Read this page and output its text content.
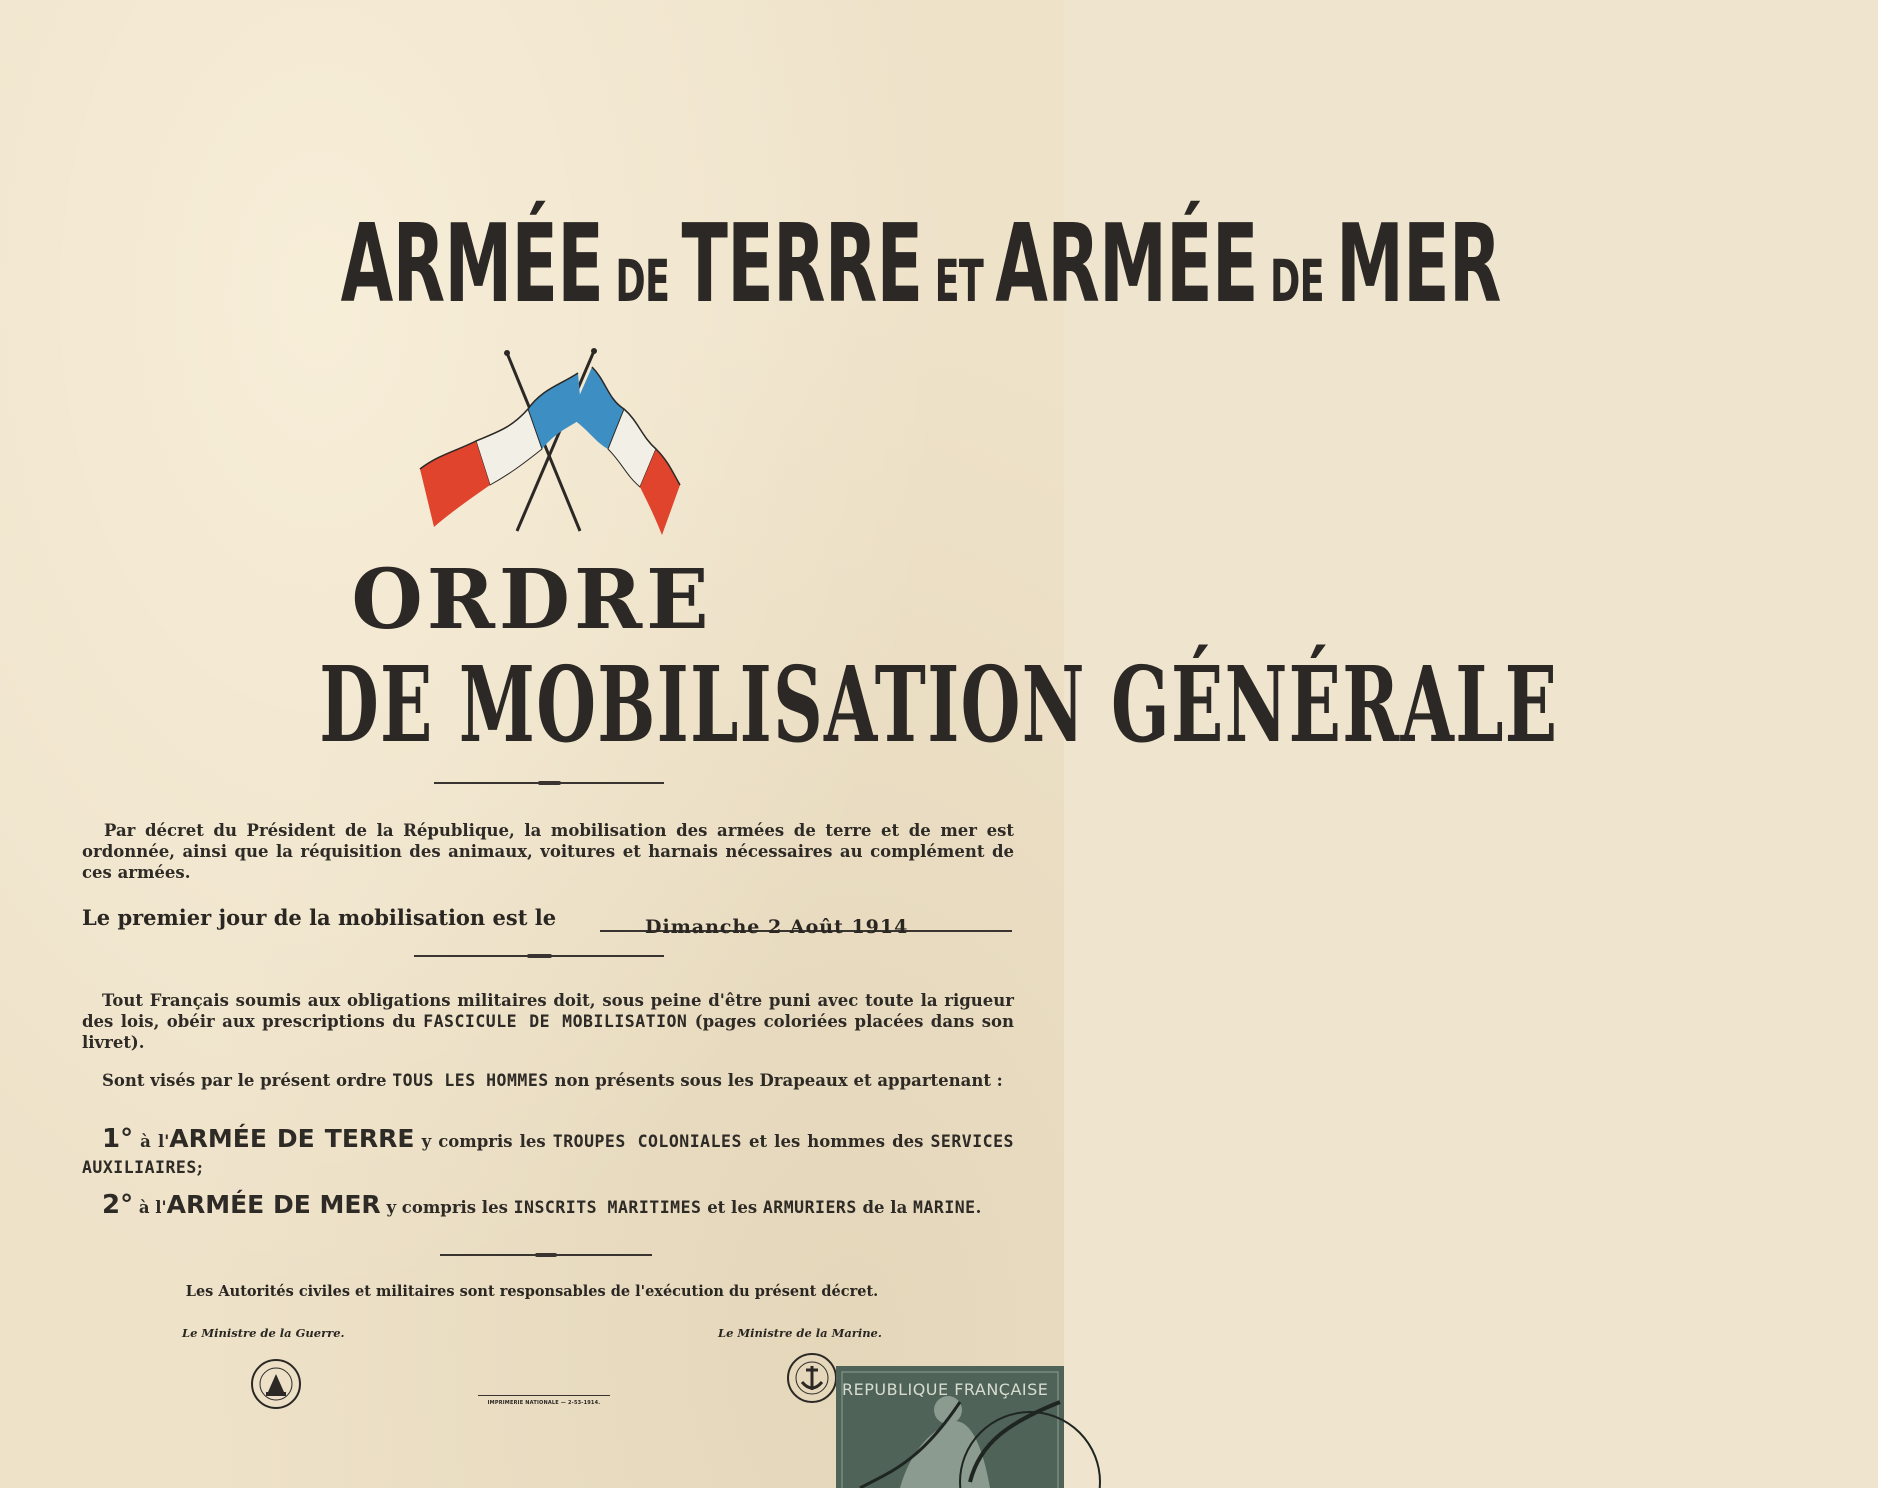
ARMÉE DE TERRE ET ARMÉE DE MER
ORDRE
DE MOBILISATION GÉNÉRALE
Par décret du Président de la République, la mobilisation des armées de terre et de mer est ordonnée, ainsi que la réquisition des animaux, voitures et harnais nécessaires au complément de ces armées.
Le premier jour de la mobilisation est le	Dimanche 2 Août 1914
Tout Français soumis aux obligations militaires doit, sous peine d'être puni avec toute la rigueur des lois, obéir aux prescriptions du FASCICULE DE MOBILISATION (pages coloriées placées dans son livret).
Sont visés par le présent ordre TOUS LES HOMMES non présents sous les Drapeaux et appartenant :
1° à l'ARMÉE DE TERRE y compris les TROUPES COLONIALES et les hommes des SERVICES AUXILIAIRES;
2° à l'ARMÉE DE MER y compris les INSCRITS MARITIMES et les ARMURIERS de la MARINE.
Les Autorités civiles et militaires sont responsables de l'exécution du présent décret.
Le Ministre de la Guerre.	Le Ministre de la Marine.
IMPRIMERIE NATIONALE — 2-53-1914.
REPUBLIQUE FRANÇAISE
